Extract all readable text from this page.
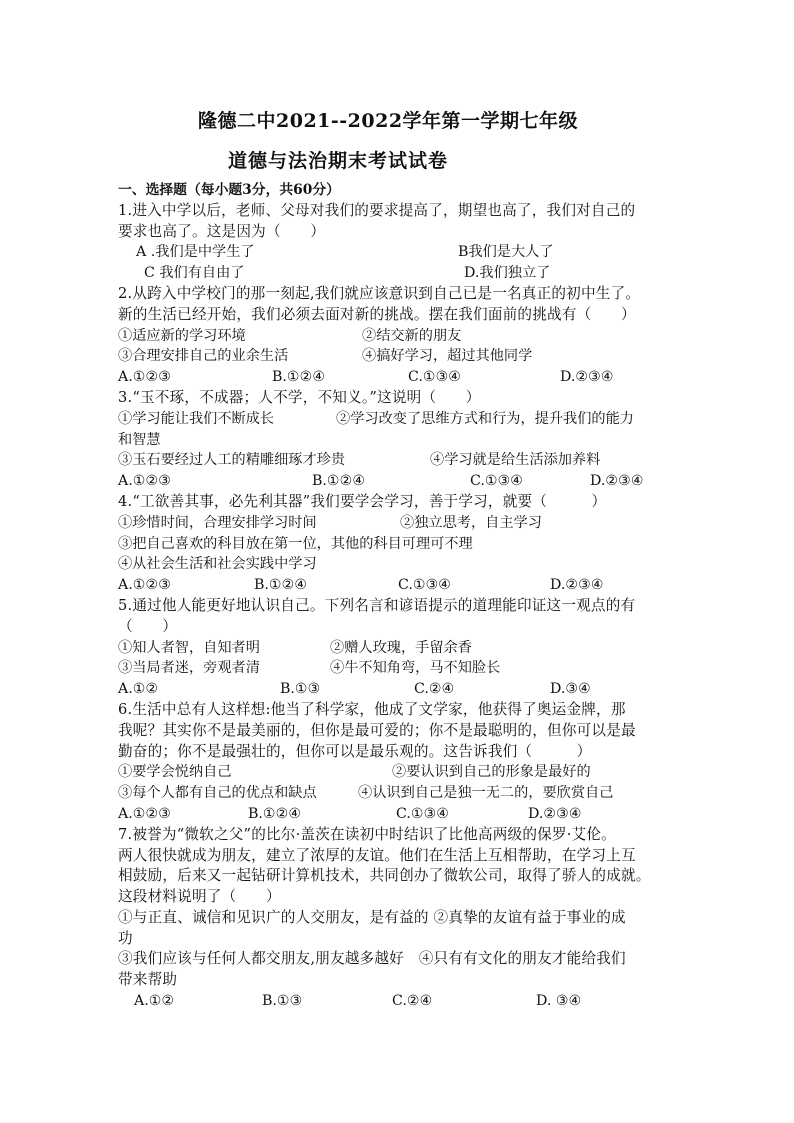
隆德二中2021--2022学年第一学期七年级
道德与法治期末考试试卷
一、选择题（每小题3分，共60分）
1.进入中学以后，老师、父母对我们的要求提高了，期望也高了，我们对自己的
要求也高了。这是因为（　　）
A .我们是中学生了	B我们是大人了
C 我们有自由了	D.我们独立了
2.从跨入中学校门的那一刻起,我们就应该意识到自己已是一名真正的初中生了。
新的生活已经开始，我们必须去面对新的挑战。摆在我们面前的挑战有（　　）
①适应新的学习环境	②结交新的朋友
③合理安排自己的业余生活	④搞好学习，超过其他同学
A.①②③	B.①②④	C.①③④	D.②③④
3.“玉不琢，不成器；人不学，不知义。”这说明（　　）
①学习能让我们不断成长	②学习改变了思维方式和行为，提升我们的能力
和智慧
③玉石要经过人工的精雕细琢才珍贵	④学习就是给生活添加养料
A.①②③	B.①②④	C.①③④	D.②③④
4.“工欲善其事，必先利其器”我们要学会学习，善于学习，就要（　　　）
①珍惜时间，合理安排学习时间	②独立思考，自主学习
③把自己喜欢的科目放在第一位，其他的科目可理可不理
④从社会生活和社会实践中学习
A.①②③	B.①②④	C.①③④	D.②③④
5.通过他人能更好地认识自己。下列名言和谚语提示的道理能印证这一观点的有
（　　）
①知人者智，自知者明	②赠人玫瑰，手留余香
③当局者迷，旁观者清	④牛不知角弯，马不知脸长
A.①②	B.①③	C.②④	D.③④
6.生活中总有人这样想:他当了科学家，他成了文学家，他获得了奥运金牌，那
我呢？其实你不是最美丽的，但你是最可爱的；你不是最聪明的，但你可以是最
勤奋的；你不是最强壮的，但你可以是最乐观的。这告诉我们（　　　）
①要学会悦纳自己	②要认识到自己的形象是最好的
③每个人都有自己的优点和缺点	④认识到自己是独一无二的，要欣赏自己
A.①②③	B.①②④	C.①③④	D.②③④
7.被誉为“微软之父”的比尔·盖茨在读初中时结识了比他高两级的保罗·艾伦。
两人很快就成为朋友，建立了浓厚的友谊。他们在生活上互相帮助，在学习上互
相鼓励，后来又一起钻研计算机技术，共同创办了微软公司，取得了骄人的成就。
这段材料说明了（　　）
①与正直、诚信和见识广的人交朋友，是有益的 ②真挚的友谊有益于事业的成
功
③我们应该与任何人都交朋友,朋友越多越好　④只有有文化的朋友才能给我们
带来帮助
A.①②	B.①③	C.②④	D. ③④
